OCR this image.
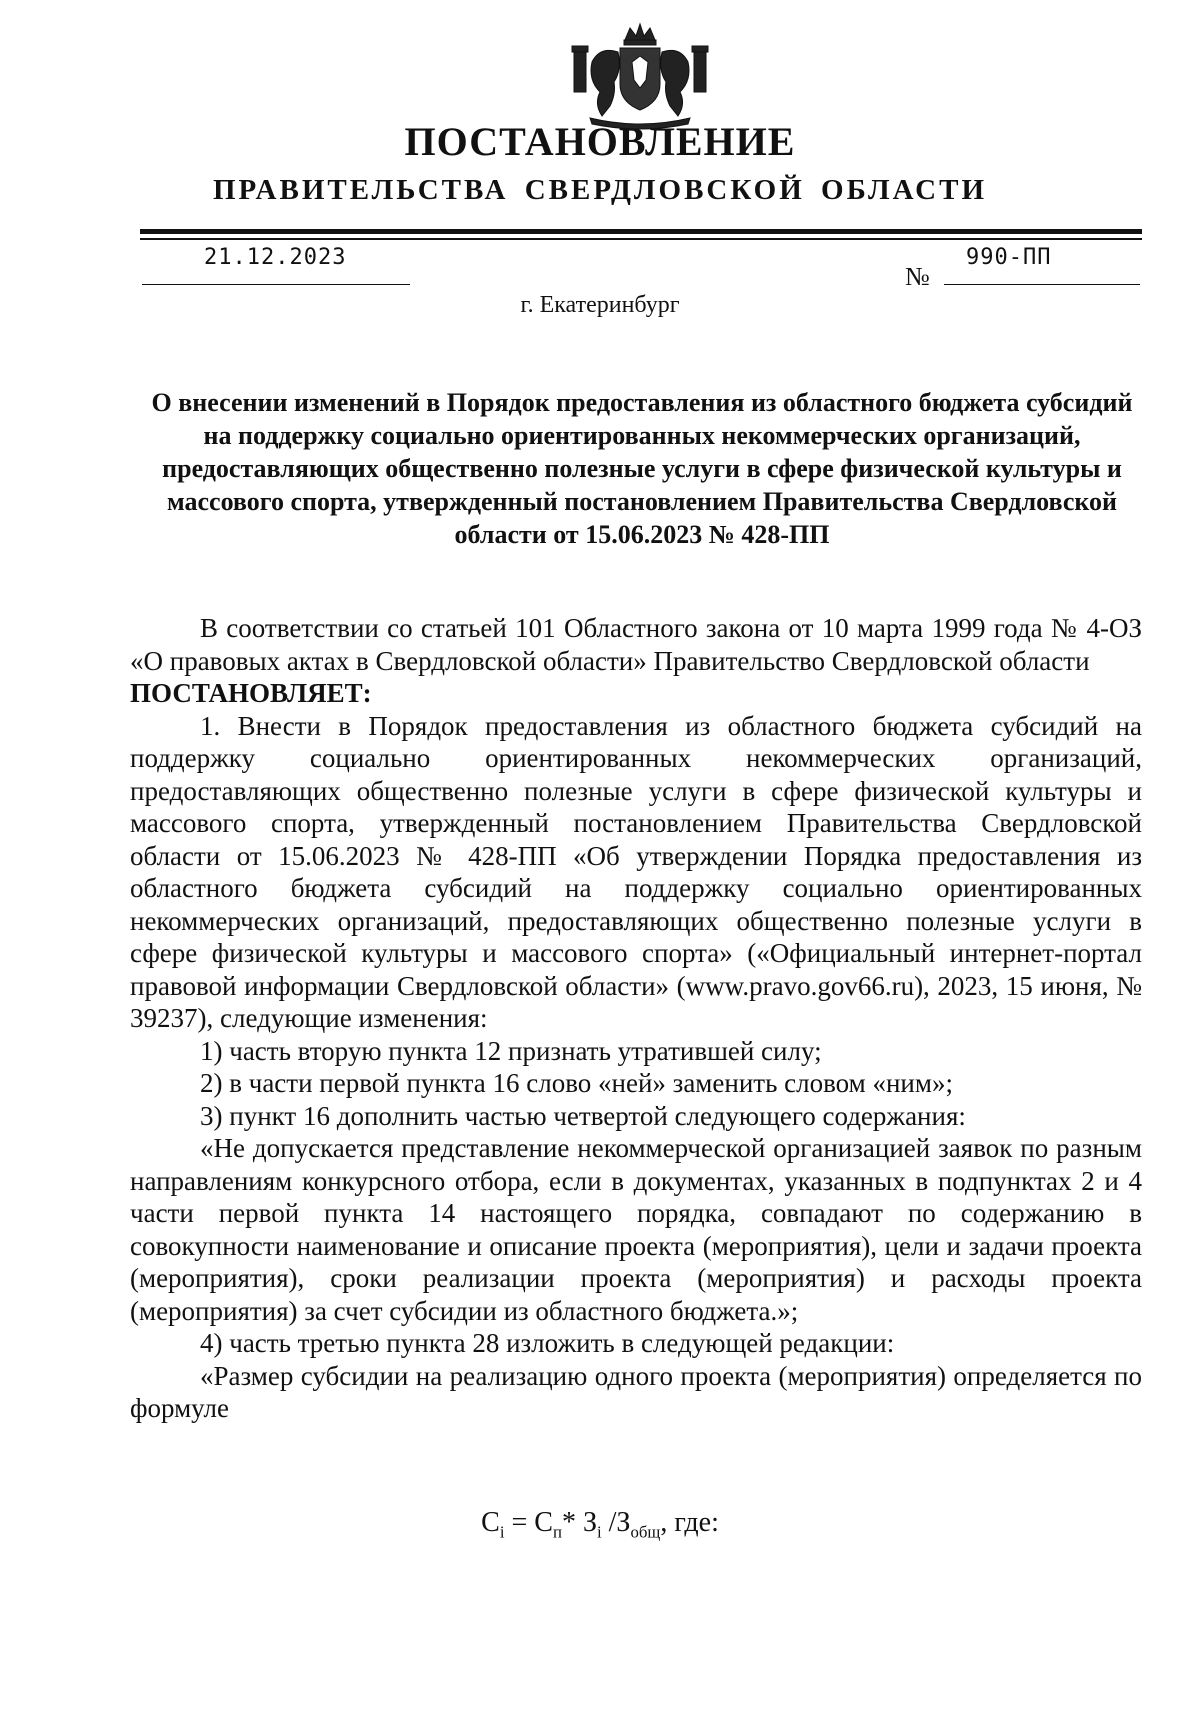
ПОСТАНОВЛЕНИЕ
ПРАВИТЕЛЬСТВА СВЕРДЛОВСКОЙ ОБЛАСТИ
21.12.2023
№
990-ПП
г. Екатеринбург
О внесении изменений в Порядок предоставления из областного бюджета субсидий на поддержку социально ориентированных некоммерческих организаций, предоставляющих общественно полезные услуги в сфере физической культуры и массового спорта, утвержденный постановлением Правительства Свердловской области от 15.06.2023 № 428-ПП

В соответствии со статьей 101 Областного закона от 10 марта 1999 года № 4-ОЗ «О правовых актах в Свердловской области» Правительство Свердловской области

ПОСТАНОВЛЯЕТ:

1. Внести в Порядок предоставления из областного бюджета субсидий на поддержку социально ориентированных некоммерческих организаций, предоставляющих общественно полезные услуги в сфере физической культуры и массового спорта, утвержденный постановлением Правительства Свердловской области от 15.06.2023 № 428-ПП «Об утверждении Порядка предоставления из областного бюджета субсидий на поддержку социально ориентированных некоммерческих организаций, предоставляющих общественно полезные услуги в сфере физической культуры и массового спорта» («Официальный интернет-портал правовой информации Свердловской области» (www.pravo.gov66.ru), 2023, 15 июня, № 39237), следующие изменения:

1) часть вторую пункта 12 признать утратившей силу;

2) в части первой пункта 16 слово «ней» заменить словом «ним»;

3) пункт 16 дополнить частью четвертой следующего содержания:

«Не допускается представление некоммерческой организацией заявок по разным направлениям конкурсного отбора, если в документах, указанных в подпунктах 2 и 4 части первой пункта 14 настоящего порядка, совпадают по содержанию в совокупности наименование и описание проекта (мероприятия), цели и задачи проекта (мероприятия), сроки реализации проекта (мероприятия) и расходы проекта (мероприятия) за счет субсидии из областного бюджета.»;

4) часть третью пункта 28 изложить в следующей редакции:

«Размер субсидии на реализацию одного проекта (мероприятия) определяется по формуле

$С_i = С_п*$ $З_i$ $/З_{общ}$, где:
